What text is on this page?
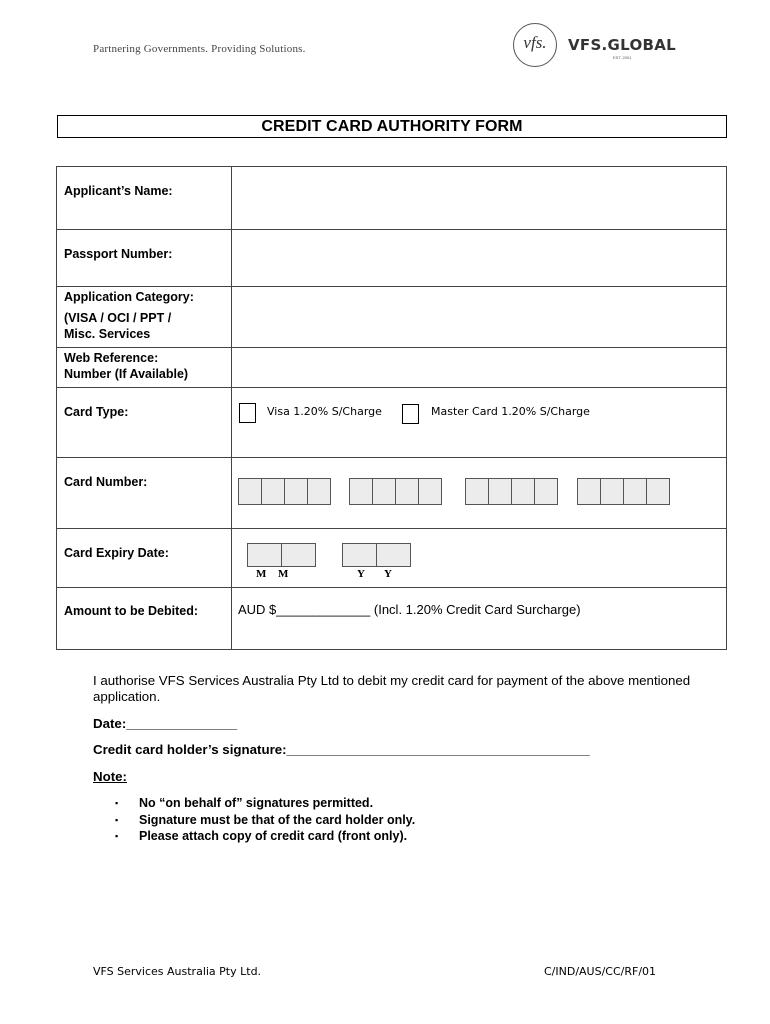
Partnering Governments. Providing Solutions.	vfs.	VFS.GLOBAL
EST. 2001
CREDIT CARD AUTHORITY FORM
Applicant’s Name:	

Passport Number:	

Application Category:
(VISA / OCI / PPT /
Misc. Services	

Web Reference:
Number (If Available)	

Card Type:	Visa 1.20% S/Charge Master Card 1.20% S/Charge

Card Number:	

Card Expiry Date:	M M Y Y

Amount to be Debited:	AUD $_____________ (Incl. 1.20% Credit Card Surcharge)
I authorise VFS Services Australia Pty Ltd to debit my credit card for payment of the above mentioned application.
Date:_______________
Credit card holder’s signature:_________________________________________
Note:
▪ No “on behalf of” signatures permitted.
▪ Signature must be that of the card holder only.
▪ Please attach copy of credit card (front only).
VFS Services Australia Pty Ltd.	C/IND/AUS/CC/RF/01
